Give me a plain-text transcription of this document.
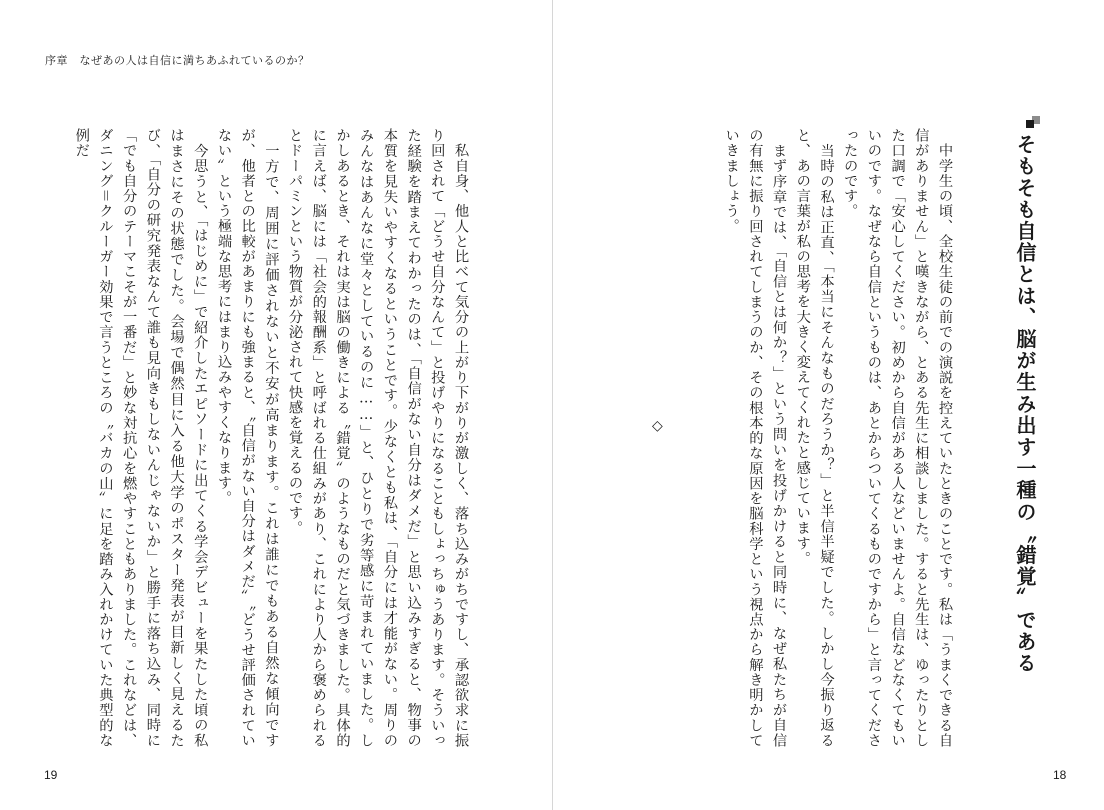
序章　なぜあの人は自信に満ちあふれているのか？

　私自身、他人と比べて気分の上がり下がりが激しく、落ち込みがちですし、承認欲求に振り回されて「どうせ自分なんて」と投げやりになることもしょっちゅうあります。そういった経験を踏まえてわかったのは、「自信がない自分はダメだ」と思い込みすぎると、物事の本質を見失いやすくなるということです。少なくとも私は、「自分には才能がない。周りのみんなはあんなに堂々としているのに……」と、ひとりで劣等感に苛まれていました。しかしあるとき、それは実は脳の働きによる〝錯覚〟のようなものだと気づきました。具体的に言えば、脳には「社会的報酬系」と呼ばれる仕組みがあり、これにより人から褒められるとドーパミンという物質が分泌されて快感を覚えるのです。

　一方で、周囲に評価されないと不安が高まります。これは誰にでもある自然な傾向ですが、他者との比較があまりにも強まると、〝自信がない自分はダメだ〟〝どうせ評価されていない〟という極端な思考にはまり込みやすくなります。

　今思うと、「はじめに」で紹介したエピソードに出てくる学会デビューを果たした頃の私はまさにその状態でした。会場で偶然目に入る他大学のポスター発表が目新しく見えるたび、「自分の研究発表なんて誰も見向きもしないんじゃないか」と勝手に落ち込み、同時に「でも自分のテーマこそが一番だ」と妙な対抗心を燃やすこともありました。これなどは、ダニング＝クルーガー効果で言うところの〝バカの山〟に足を踏み入れかけていた典型的な例だ

19
そもそも自信とは、脳が生み出す一種の〝錯覚〟である

　中学生の頃、全校生徒の前での演説を控えていたときのことです。私は「うまくできる自信がありません」と嘆きながら、とある先生に相談しました。すると先生は、ゆったりとした口調で「安心してください。初めから自信がある人などいませんよ。自信などなくてもいいのです。なぜなら自信というものは、あとからついてくるものですから」と言ってくださったのです。

　当時の私は正直、「本当にそんなものだろうか？」と半信半疑でした。しかし今振り返ると、あの言葉が私の思考を大きく変えてくれたと感じています。

　まず序章では、「自信とは何か？」という問いを投げかけると同時に、なぜ私たちが自信の有無に振り回されてしまうのか、その根本的な原因を脳科学という視点から解き明かしていきましょう。

18
◇
